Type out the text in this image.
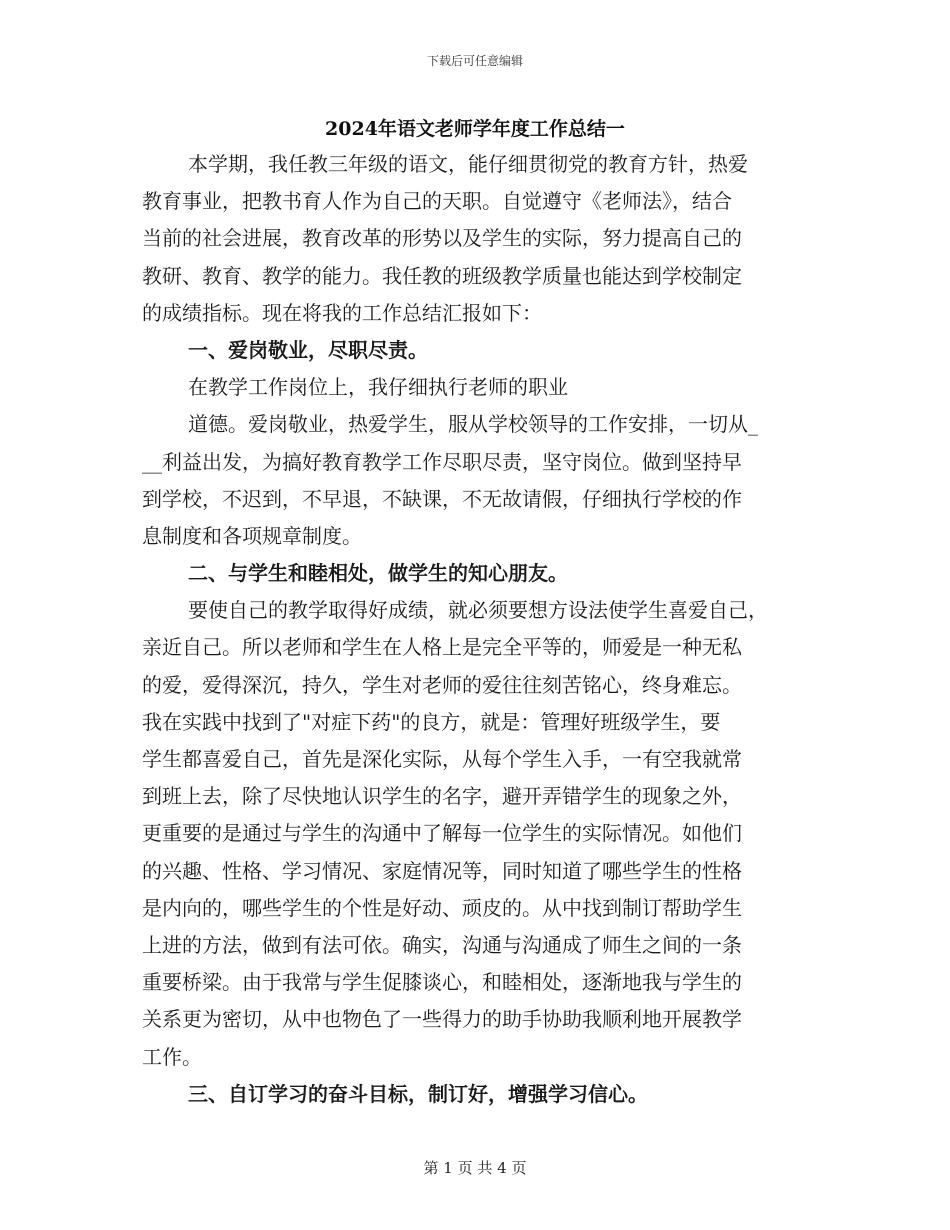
下载后可任意编辑
2024年语文老师学年度工作总结一
本学期，我任教三年级的语文，能仔细贯彻党的教育方针，热爱
教育事业，把教书育人作为自己的天职。自觉遵守《老师法》，结合
当前的社会进展，教育改革的形势以及学生的实际，努力提高自己的
教研、教育、教学的能力。我任教的班级教学质量也能达到学校制定
的成绩指标。现在将我的工作总结汇报如下：
一、爱岗敬业，尽职尽责。
在教学工作岗位上，我仔细执行老师的职业
道德。爱岗敬业，热爱学生，服从学校领导的工作安排，一切从_
__利益出发，为搞好教育教学工作尽职尽责，坚守岗位。做到坚持早
到学校，不迟到，不早退，不缺课，不无故请假，仔细执行学校的作
息制度和各项规章制度。
二、与学生和睦相处，做学生的知心朋友。
要使自己的教学取得好成绩，就必须要想方设法使学生喜爱自己，
亲近自己。所以老师和学生在人格上是完全平等的，师爱是一种无私
的爱，爱得深沉，持久，学生对老师的爱往往刻苦铭心，终身难忘。
我在实践中找到了"对症下药"的良方，就是：管理好班级学生，要
学生都喜爱自己，首先是深化实际，从每个学生入手，一有空我就常
到班上去，除了尽快地认识学生的名字，避开弄错学生的现象之外，
更重要的是通过与学生的沟通中了解每一位学生的实际情况。如他们
的兴趣、性格、学习情况、家庭情况等，同时知道了哪些学生的性格
是内向的，哪些学生的个性是好动、顽皮的。从中找到制订帮助学生
上进的方法，做到有法可依。确实，沟通与沟通成了师生之间的一条
重要桥梁。由于我常与学生促膝谈心，和睦相处，逐渐地我与学生的
关系更为密切，从中也物色了一些得力的助手协助我顺利地开展教学
工作。
三、自订学习的奋斗目标，制订好，增强学习信心。
第 1 页 共 4 页
